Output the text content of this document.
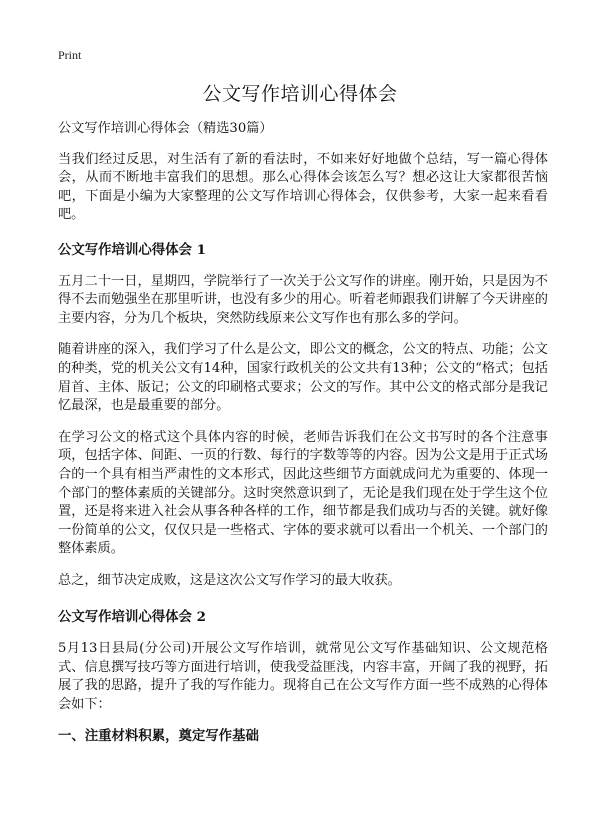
Print
公文写作培训心得体会

公文写作培训心得体会（精选30篇）

当我们经过反思，对生活有了新的看法时，不如来好好地做个总结，写一篇心得体会，从而不断地丰富我们的思想。那么心得体会该怎么写？想必这让大家都很苦恼吧，下面是小编为大家整理的公文写作培训心得体会，仅供参考，大家一起来看看吧。

公文写作培训心得体会 1

五月二十一日，星期四，学院举行了一次关于公文写作的讲座。刚开始，只是因为不得不去而勉强坐在那里听讲，也没有多少的用心。听着老师跟我们讲解了今天讲座的主要内容，分为几个板块，突然防线原来公文写作也有那么多的学问。

随着讲座的深入，我们学习了什么是公文，即公文的概念，公文的特点、功能；公文的种类，党的机关公文有14种，国家行政机关的公文共有13种；公文的“格式；包括眉首、主体、版记；公文的印刷格式要求；公文的写作。其中公文的格式部分是我记忆最深，也是最重要的部分。

在学习公文的格式这个具体内容的时候，老师告诉我们在公文书写时的各个注意事项，包括字体、间距、一页的行数、每行的字数等等的内容。因为公文是用于正式场合的一个具有相当严肃性的文本形式，因此这些细节方面就成问尤为重要的、体现一个部门的整体素质的关键部分。这时突然意识到了，无论是我们现在处于学生这个位置，还是将来进入社会从事各种各样的工作，细节都是我们成功与否的关键。就好像一份简单的公文，仅仅只是一些格式、字体的要求就可以看出一个机关、一个部门的整体素质。

总之，细节决定成败，这是这次公文写作学习的最大收获。

公文写作培训心得体会 2

5月13日县局(分公司)开展公文写作培训，就常见公文写作基础知识、公文规范格式、信息撰写技巧等方面进行培训，使我受益匪浅，内容丰富，开阔了我的视野，拓展了我的思路，提升了我的写作能力。现将自己在公文写作方面一些不成熟的心得体会如下：

一、注重材料积累，奠定写作基础
